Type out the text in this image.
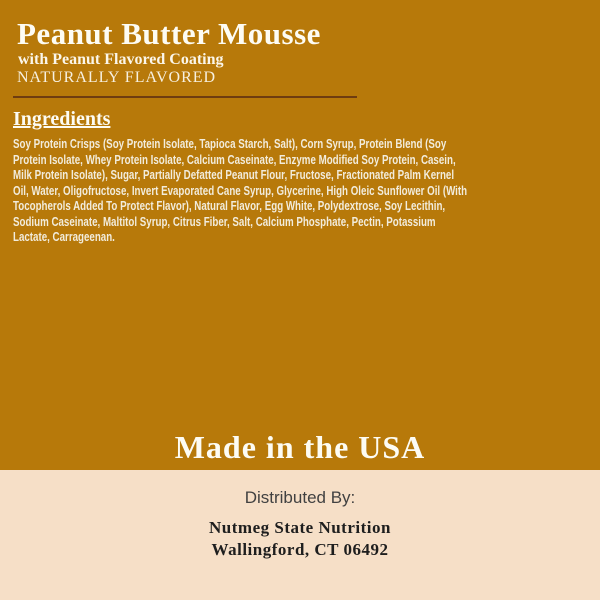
Peanut Butter Mousse
with Peanut Flavored Coating
NATURALLY FLAVORED
Ingredients
Soy Protein Crisps (Soy Protein Isolate, Tapioca Starch, Salt), Corn Syrup, Protein Blend (Soy
Protein Isolate, Whey Protein Isolate, Calcium Caseinate, Enzyme Modified Soy Protein, Casein,
Milk Protein Isolate), Sugar, Partially Defatted Peanut Flour, Fructose, Fractionated Palm Kernel
Oil, Water, Oligofructose, Invert Evaporated Cane Syrup, Glycerine, High Oleic Sunflower Oil (With
Tocopherols Added To Protect Flavor), Natural Flavor, Egg White, Polydextrose, Soy Lecithin,
Sodium Caseinate, Maltitol Syrup, Citrus Fiber, Salt, Calcium Phosphate, Pectin, Potassium
Lactate, Carrageenan.
Made in the USA
Distributed By:
Nutmeg State Nutrition
Wallingford, CT 06492
